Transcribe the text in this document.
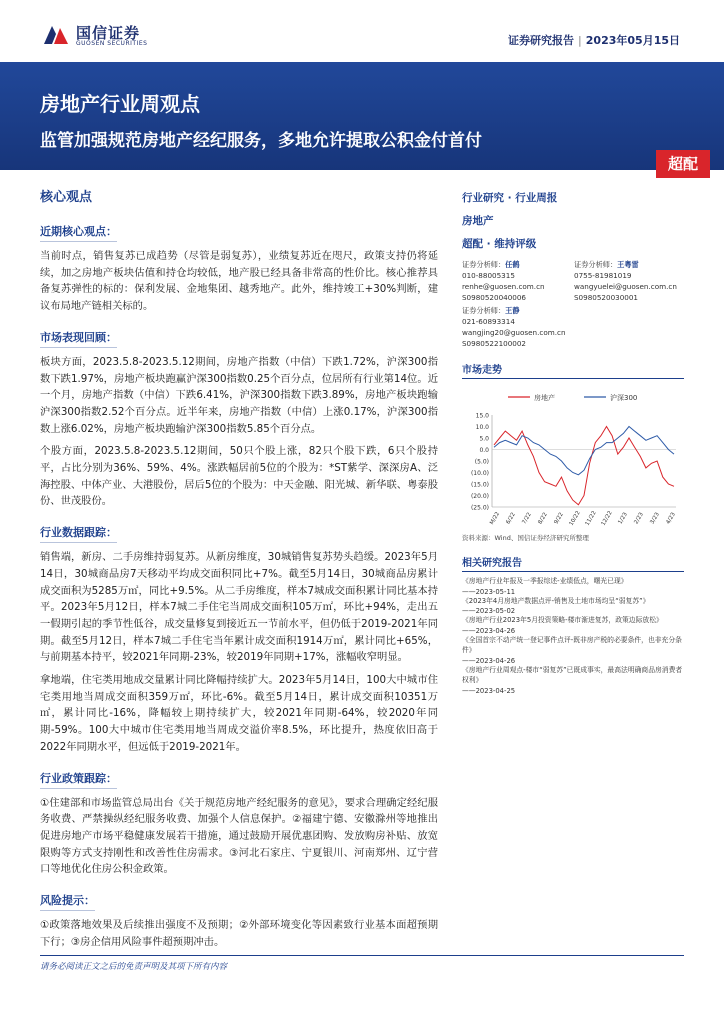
国信证券
GUOSEN SECURITIES	证券研究报告 | 2023年05月15日
房地产行业周观点
监管加强规范房地产经纪服务，多地允许提取公积金付首付
超配
核心观点
近期核心观点：

当前时点，销售复苏已成趋势（尽管是弱复苏），业绩复苏近在咫尺，政策支持仍将延续，加之房地产板块估值和持仓均较低，地产股已经具备非常高的性价比。核心推荐具备复苏弹性的标的：保利发展、金地集团、越秀地产。此外，维持竣工+30%判断，建议布局地产链相关标的。

市场表现回顾：

板块方面，2023.5.8-2023.5.12期间，房地产指数（中信）下跌1.72%，沪深300指数下跌1.97%，房地产板块跑赢沪深300指数0.25个百分点，位居所有行业第14位。近一个月，房地产指数（中信）下跌6.41%，沪深300指数下跌3.89%，房地产板块跑输沪深300指数2.52个百分点。近半年来，房地产指数（中信）上涨0.17%，沪深300指数上涨6.02%，房地产板块跑输沪深300指数5.85个百分点。

个股方面，2023.5.8-2023.5.12期间，50只个股上涨，82只个股下跌，6只个股持平，占比分别为36%、59%、4%。涨跌幅居前5位的个股为：*ST紫学、深深房A、泛海控股、中体产业、大港股份，居后5位的个股为：中天金融、阳光城、新华联、粤泰股份、世茂股份。

行业数据跟踪：

销售端，新房、二手房维持弱复苏。从新房维度，30城销售复苏势头趋缓。2023年5月14日，30城商品房7天移动平均成交面积同比+7%。截至5月14日，30城商品房累计成交面积为5285万㎡，同比+9.5%。从二手房维度，样本7城成交面积累计同比基本持平。2023年5月12日，样本7城二手住宅当周成交面积105万㎡，环比+94%，走出五一假期引起的季节性低谷，成交量修复到接近五一节前水平，但仍低于2019-2021年同期。截至5月12日，样本7城二手住宅当年累计成交面积1914万㎡，累计同比+65%，与前期基本持平，较2021年同期-23%，较2019年同期+17%，涨幅收窄明显。

拿地端，住宅类用地成交量累计同比降幅持续扩大。2023年5月14日，100大中城市住宅类用地当周成交面积359万㎡，环比-6%。截至5月14日，累计成交面积10351万㎡，累计同比-16%，降幅较上期持续扩大，较2021年同期-64%，较2020年同期-59%。100大中城市住宅类用地当周成交溢价率8.5%，环比提升，热度依旧高于2022年同期水平，但远低于2019-2021年。

行业政策跟踪：

①住建部和市场监管总局出台《关于规范房地产经纪服务的意见》，要求合理确定经纪服务收费、严禁操纵经纪服务收费、加强个人信息保护。②福建宁德、安徽滁州等地推出促进房地产市场平稳健康发展若干措施，通过鼓励开展优惠团购、发放购房补贴、放宽限购等方式支持刚性和改善性住房需求。③河北石家庄、宁夏银川、河南郑州、辽宁营口等地优化住房公积金政策。

风险提示：

①政策落地效果及后续推出强度不及预期；②外部环境变化等因素致行业基本面超预期下行；③房企信用风险事件超预期冲击。

行业研究 · 行业周报
房地产
超配 · 维持评级
证券分析师：任鹤
010-88005315
renhe@guosen.com.cn
S0980520040006
证券分析师：王粤雷
0755-81981019
wangyuelei@guosen.com.cn
S0980520030001
证券分析师：王静
021-60893314
wangjing20@guosen.com.cn
S0980522100002
市场走势
房地产	沪深300
15.0
10.0
5.0
0.0
(5.0)
(10.0)
(15.0)
(20.0)
(25.0)
M/22 6/22 7/22 8/22 9/22 10/22 11/22 12/22 1/23 2/23 3/23 4/23
资料来源：Wind、国信证券经济研究所整理
相关研究报告
《房地产行业年报及一季报综述-业绩低点，曙光已现》
——2023-05-11
《2023年4月房地产数据点评-销售及土地市场均呈“弱复苏”》
——2023-05-02
《房地产行业2023年5月投资策略-楼市渐进复苏，政策边际放松》
——2023-04-26
《全国首宗不动产统一登记事件点评-既非房产税的必要条件，也非充分条件》
——2023-04-26
《房地产行业周观点-楼市“弱复苏”已既成事实，最高法明确商品房消费者权利》
——2023-04-25
请务必阅读正文之后的免责声明及其项下所有内容
